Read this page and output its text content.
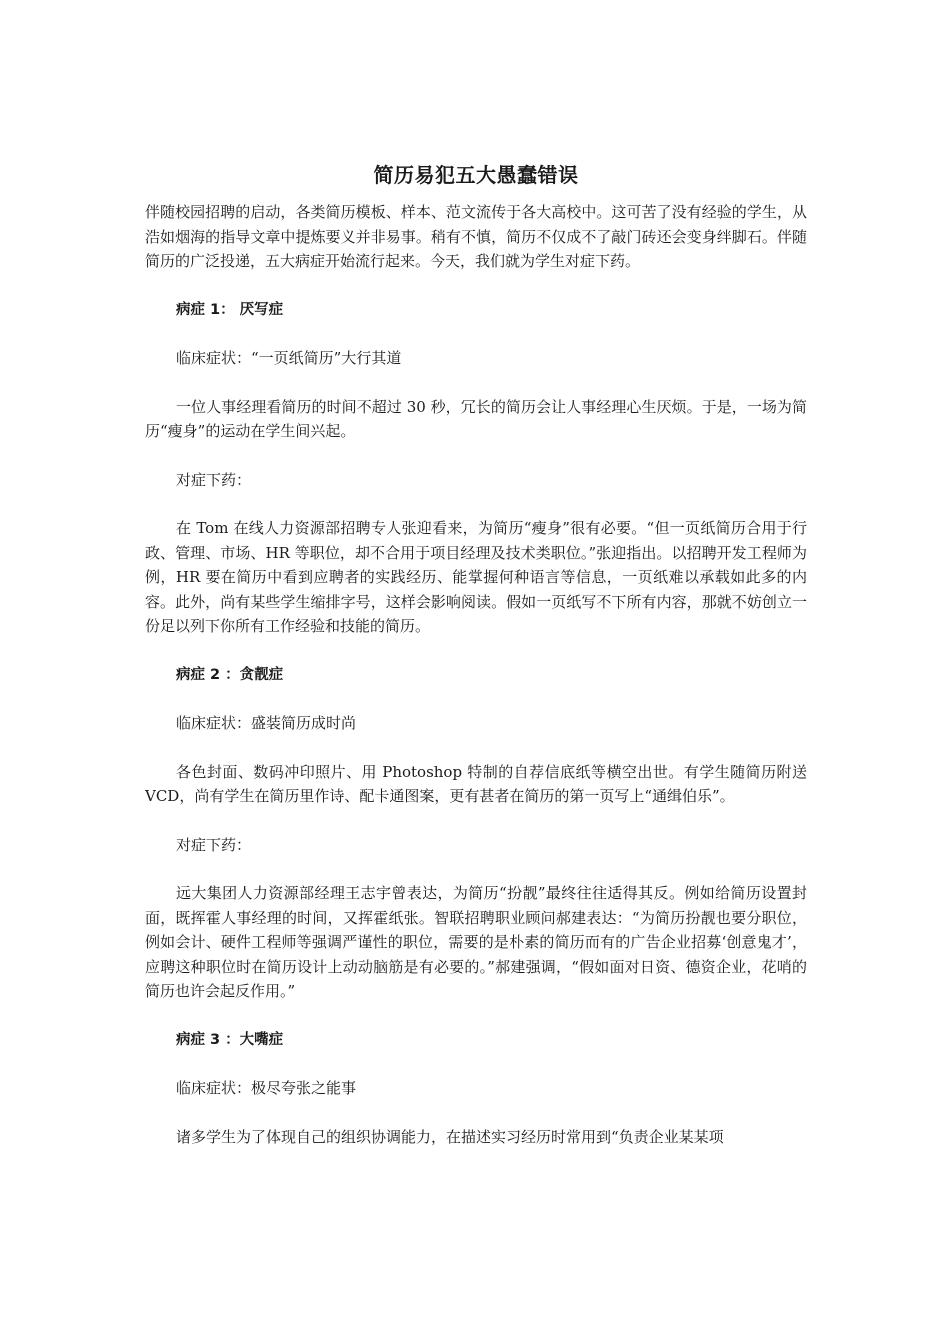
简历易犯五大愚蠢错误

伴随校园招聘的启动，各类简历模板、样本、范文流传于各大高校中。这可苦了没有经验的学生，从浩如烟海的指导文章中提炼要义并非易事。稍有不慎，简历不仅成不了敲门砖还会变身绊脚石。伴随简历的广泛投递，五大病症开始流行起来。今天，我们就为学生对症下药。

病症 1： 厌写症

临床症状：“一页纸简历”大行其道

一位人事经理看简历的时间不超过 30 秒，冗长的简历会让人事经理心生厌烦。于是，一场为简历“瘦身”的运动在学生间兴起。

对症下药：

在 Tom 在线人力资源部招聘专人张迎看来，为简历“瘦身”很有必要。“但一页纸简历合用于行政、管理、市场、HR 等职位，却不合用于项目经理及技术类职位。”张迎指出。以招聘开发工程师为例，HR 要在简历中看到应聘者的实践经历、能掌握何种语言等信息，一页纸难以承载如此多的内容。此外，尚有某些学生缩排字号，这样会影响阅读。假如一页纸写不下所有内容，那就不妨创立一份足以列下你所有工作经验和技能的简历。

病症 2 ：贪靓症

临床症状：盛装简历成时尚

各色封面、数码冲印照片、用 Photoshop 特制的自荐信底纸等横空出世。有学生随简历附送 VCD，尚有学生在简历里作诗、配卡通图案，更有甚者在简历的第一页写上“通缉伯乐”。

对症下药：

远大集团人力资源部经理王志宇曾表达，为简历“扮靓”最终往往适得其反。例如给简历设置封面，既挥霍人事经理的时间，又挥霍纸张。智联招聘职业顾问郝建表达：“为简历扮靓也要分职位，例如会计、硬件工程师等强调严谨性的职位，需要的是朴素的简历而有的广告企业招募‘创意鬼才’，应聘这种职位时在简历设计上动动脑筋是有必要的。”郝建强调，“假如面对日资、德资企业，花哨的简历也许会起反作用。”

病症 3 ：大嘴症

临床症状：极尽夸张之能事

诸多学生为了体现自己的组织协调能力，在描述实习经历时常用到“负责企业某某项
